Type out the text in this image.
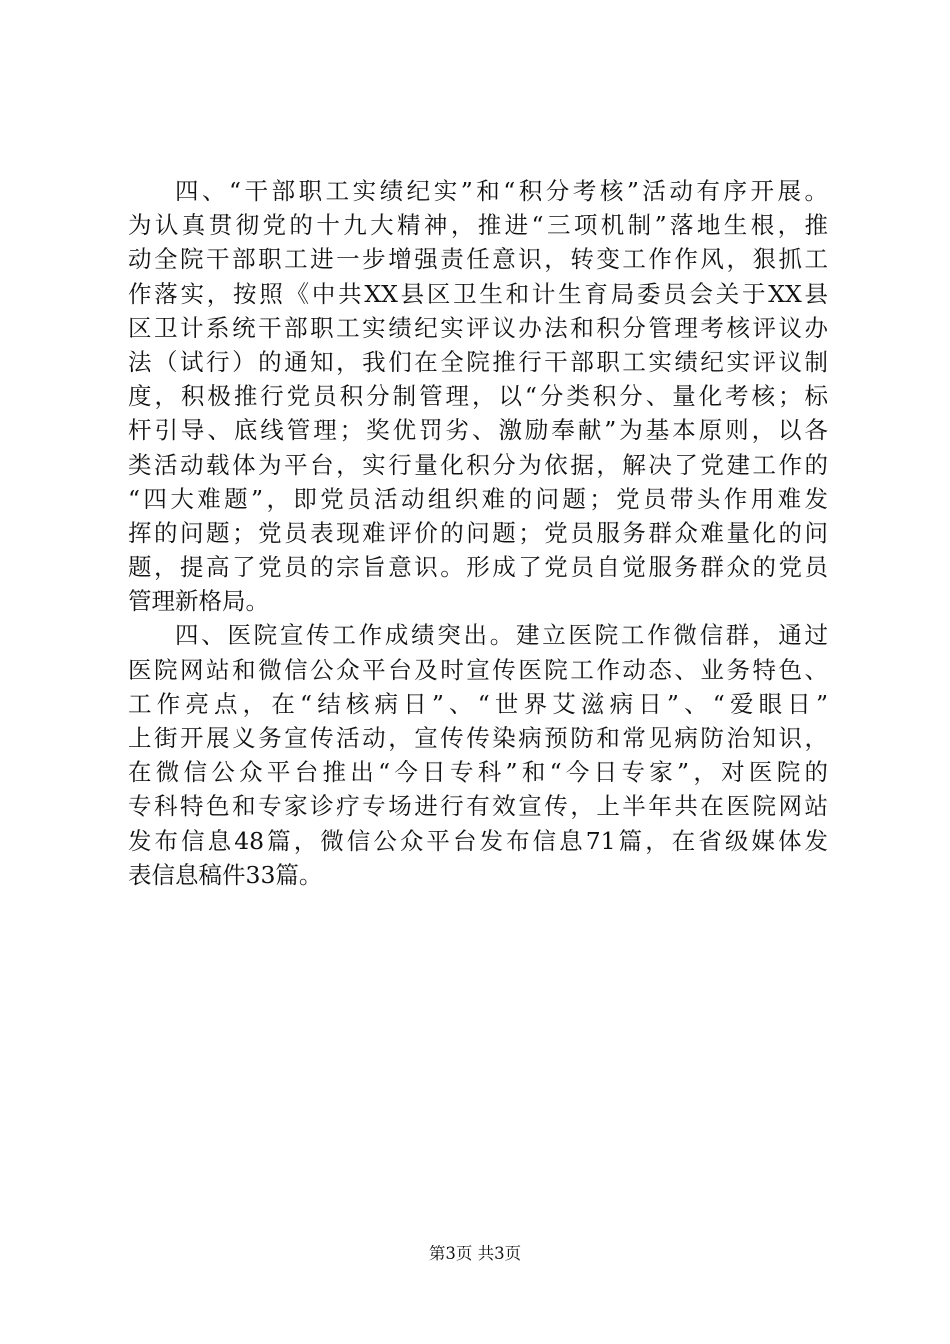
四、“干部职工实绩纪实”和“积分考核”活动有序开展。
为认真贯彻党的十九大精神，推进“三项机制”落地生根，推
动全院干部职工进一步增强责任意识，转变工作作风，狠抓工
作落实，按照《中共XX县区卫生和计生育局委员会关于XX县
区卫计系统干部职工实绩纪实评议办法和积分管理考核评议办
法（试行）的通知，我们在全院推行干部职工实绩纪实评议制
度，积极推行党员积分制管理，以“分类积分、量化考核；标
杆引导、底线管理；奖优罚劣、激励奉献”为基本原则，以各
类活动载体为平台，实行量化积分为依据，解决了党建工作的
“四大难题”，即党员活动组织难的问题；党员带头作用难发
挥的问题；党员表现难评价的问题；党员服务群众难量化的问
题，提高了党员的宗旨意识。形成了党员自觉服务群众的党员
管理新格局。
四、医院宣传工作成绩突出。建立医院工作微信群，通过
医院网站和微信公众平台及时宣传医院工作动态、业务特色、
工作亮点，在“结核病日”、“世界艾滋病日”、“爱眼日”
上街开展义务宣传活动，宣传传染病预防和常见病防治知识，
在微信公众平台推出“今日专科”和“今日专家”，对医院的
专科特色和专家诊疗专场进行有效宣传，上半年共在医院网站
发布信息48篇，微信公众平台发布信息71篇，在省级媒体发
表信息稿件33篇。
第3页 共3页
